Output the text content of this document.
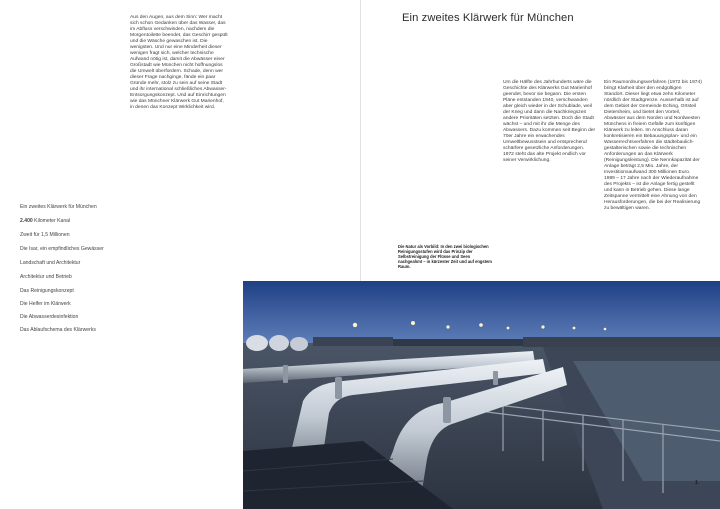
Aus den Augen, aus dem Sinn: Wer macht sich schon Gedanken über das Wasser, das im Abfluss verschwinden, nachdem die Morgentoilette beendet, das Geschirr gespült und die Wäsche gewaschen ist. Die wenigsten. Und nur eine Minderheit dieser wenigen fragt sich, welcher technische Aufwand nötig ist, damit die Abwässer einer Großstadt wie München nicht hoffnungslos die Umwelt überfordern. Schade, denn wer dieser Frage nachginge, fände ein paar Gründe mehr, stolz zu sein auf seine Stadt und ihr international schließliches Abwasser-Entsorgungskonzept. Und auf Einrichtungen wie das Münchner Klärwerk Gut Marienhof, in denen das Konzept Wirklichkeit wird.

Ein zweites Klärwerk für München

Um die Hälfte des Jahrhunderts wäre die Geschichte des Klärwerks Gut Marienhof geendet, bevor sie begann. Die ersten Pläne entstanden 1940, verschwanden aber gleich wieder in der Schublade, weil der Krieg und dann die Nachkriegszeit andere Prioritäten setzten. Doch die Stadt wächst – und mit ihr die Menge des Abwassers. Dazu kommen seit Beginn der 70er Jahre ein erwachendes Umweltbewusstsein und entsprechend schärfere gesetzliche Anforderungen. 1972 steht das alte Projekt endlich vor seiner Verwirklichung.

Ein Raumordnungsverfahren (1972 bis 1974) bringt Klarheit über den endgültigen Standort. Dieser liegt etwa zehn Kilometer nördlich der Stadtgrenze. Ausserhalb ist auf dem Gebiet der Gemeinde Eching, Ortsteil Dietersheim, und bietet den Vorteil, Abwässer aus dem Norden und Nordwesten Münchens in freiem Gefälle zum künftigen Klärwerk zu leiten. Im Anschluss daran konkretisieren ein Bebauungsplan- und ein Wasserrechtsverfahren die städtebaulich-gestalterischen sowie die technischen Anforderungen an das Klärwerk (Reinigungsleistung). Die Nennkapazität der Anlage beträgt 2,5 Mio. Jahre, der Investitionsaufwand 300 Millionen Euro. 1989 – 17 Jahre nach der Wiederaufnahme des Projekts – ist die Anlage fertig gestellt und kann in Betrieb gehen. Diese lange Zeitspanne vermittelt eine Ahnung von den Herausforderungen, die bei der Realisierung zu bewältigen waren.

Ein zweites Klärwerk für München
2.400 Kilometer Kanal
Zweit für 1,5 Millionen
Die Isar, ein empfindliches Gewässer
Landschaft und Architektur
Architektur und Betrieb
Das Reinigungskonzept
Die Helfer im Klärwerk
Die Abwasserdesinfektion
Das Ablaufschema des Klärwerks

Die Natur als Vorbild: In den zwei biologischen Reinigungsstufen wird das Prinzip der Selbstreinigung der Flüsse und Seen nachgeahmt – in kürzester Zeit und auf engstem Raum.

1
